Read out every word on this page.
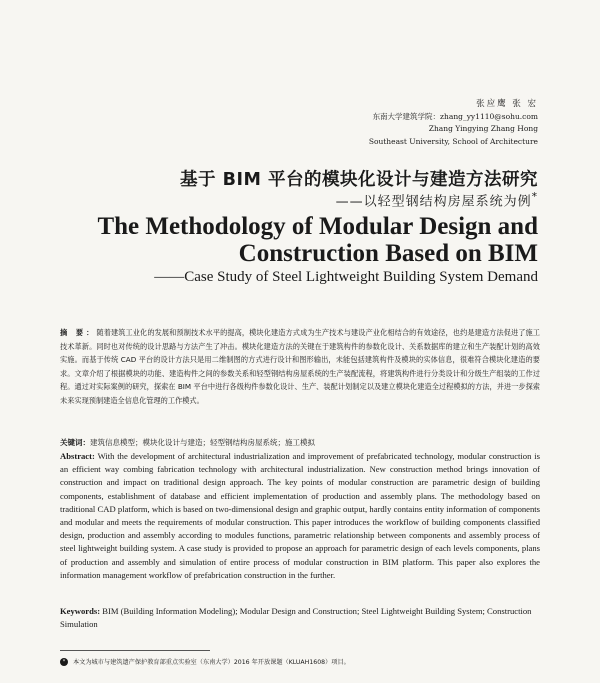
张应鹰 张 宏
东南大学建筑学院：zhang_yy1110@sohu.com
Zhang Yingying Zhang Hong
Southeast University, School of Architecture
基于 BIM 平台的模块化设计与建造方法研究
——以轻型钢结构房屋系统为例*
The Methodology of Modular Design and
Construction Based on BIM
——Case Study of Steel Lightweight Building System Demand
摘 要：随着建筑工业化的发展和预制技术水平的提高，模块化建造方式成为生产技术与建设产业化相结合的有效途径，也约是建造方法促进了施工技术革新。同时也对传统的设计思路与方法产生了冲击。模块化建造方法的关键在于建筑构件的参数化设计、关系数据库的建立和生产装配计划的高效实施。而基于传统 CAD 平台的设计方法只是用二维制图的方式进行设计和图形输出，未能包括建筑构件及模块的实体信息，很难符合模块化建造的要求。文章介绍了根据模块的功能、建造构件之间的参数关系和轻型钢结构房屋系统的生产装配流程，将建筑构件进行分类设计和分级生产组装的工作过程。通过对实际案例的研究，探索在 BIM 平台中进行各级构件参数化设计、生产、装配计划制定以及建立模块化建造全过程模拟的方法，并进一步探索未来实现预制建造全信息化管理的工作模式。
关键词：建筑信息模型；模块化设计与建造；轻型钢结构房屋系统；施工模拟
Abstract: With the development of architectural industrialization and improvement of prefabricated technology, modular construction is an efficient way combing fabrication technology with architectural industrialization. New construction method brings innovation of construction and impact on traditional design approach. The key points of modular construction are parametric design of building components, establishment of database and efficient implementation of production and assembly plans. The methodology based on traditional CAD platform, which is based on two-dimensional design and graphic output, hardly contains entity information of components and modular and meets the requirements of modular construction. This paper introduces the workflow of building components classified design, production and assembly according to modules functions, parametric relationship between components and assembly process of steel lightweight building system. A case study is provided to propose an approach for parametric design of each levels components, plans of production and assembly and simulation of entire process of modular construction in BIM platform. This paper also explores the information management workflow of prefabrication construction in the further.
Keywords: BIM (Building Information Modeling); Modular Design and Construction; Steel Lightweight Building System; Construction Simulation
* 本文为城市与建筑遗产保护教育部重点实验室（东南大学）2016 年开放课题（KLUAH1608）项目。
